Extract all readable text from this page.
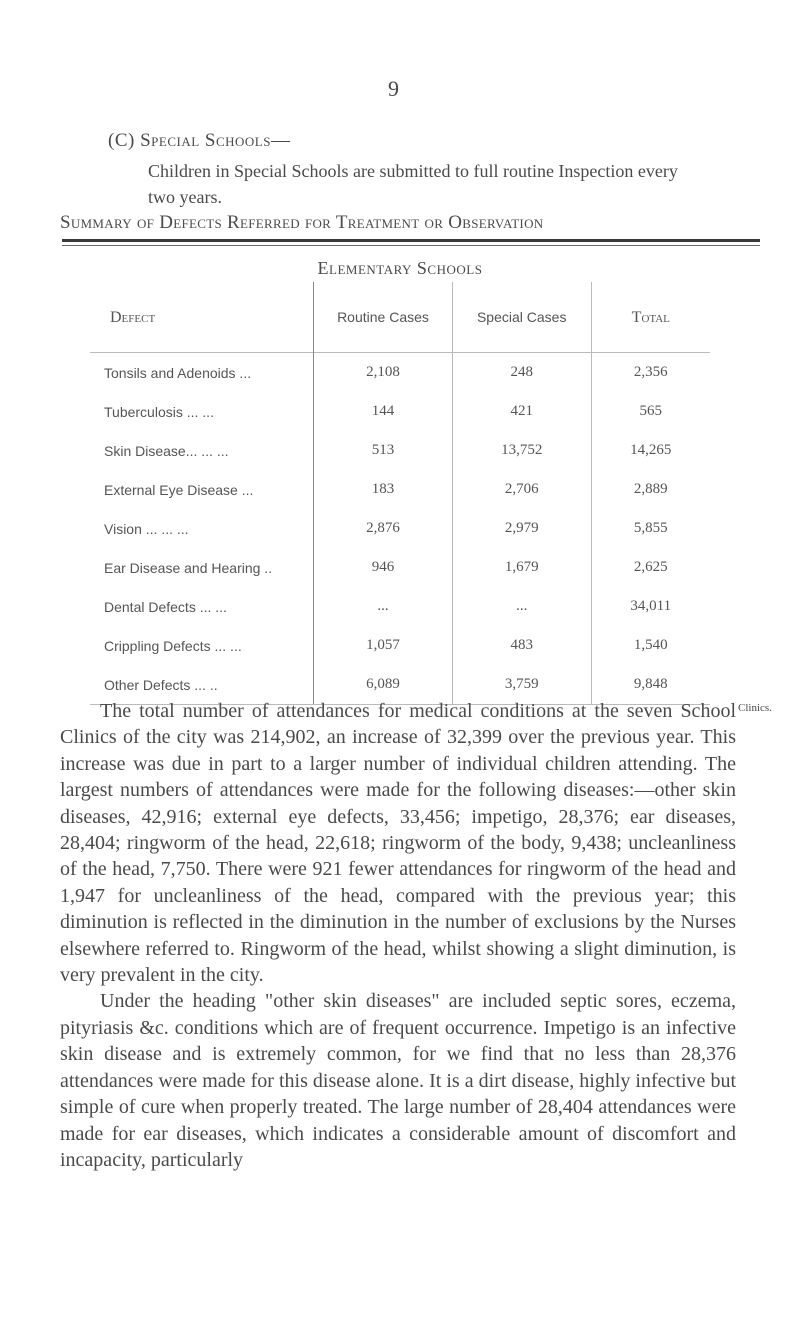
9
(C) Special Schools—
Children in Special Schools are submitted to full routine Inspection every two years.
Summary of Defects Referred for Treatment or Observation
Elementary Schools
Defect	Routine Cases	Special Cases	Total
Tonsils and Adenoids ...	2,108	248	2,356
Tuberculosis ... ...	144	421	565
Skin Disease... ... ...	513	13,752	14,265
External Eye Disease ...	183	2,706	2,889
Vision ... ... ...	2,876	2,979	5,855
Ear Disease and Hearing ..	946	1,679	2,625
Dental Defects ... ...	...	...	34,011
Crippling Defects ... ...	1,057	483	1,540
Other Defects ... ..	6,089	3,759	9,848
Clinics.

The total number of attendances for medical conditions at the seven School Clinics of the city was 214,902, an increase of 32,399 over the previous year. This increase was due in part to a larger number of individual children attending. The largest numbers of attendances were made for the following diseases:—other skin diseases, 42,916; external eye defects, 33,456; impetigo, 28,376; ear diseases, 28,404; ringworm of the head, 22,618; ringworm of the body, 9,438; uncleanliness of the head, 7,750. There were 921 fewer attendances for ringworm of the head and 1,947 for uncleanliness of the head, compared with the previous year; this diminution is reflected in the diminution in the number of exclusions by the Nurses elsewhere referred to. Ringworm of the head, whilst showing a slight diminution, is very prevalent in the city.

Under the heading "other skin diseases" are included septic sores, eczema, pityriasis &c. conditions which are of frequent occurrence. Impetigo is an infective skin disease and is extremely common, for we find that no less than 28,376 attendances were made for this disease alone. It is a dirt disease, highly infective but simple of cure when properly treated. The large number of 28,404 attendances were made for ear diseases, which indicates a considerable amount of discomfort and incapacity, particularly
